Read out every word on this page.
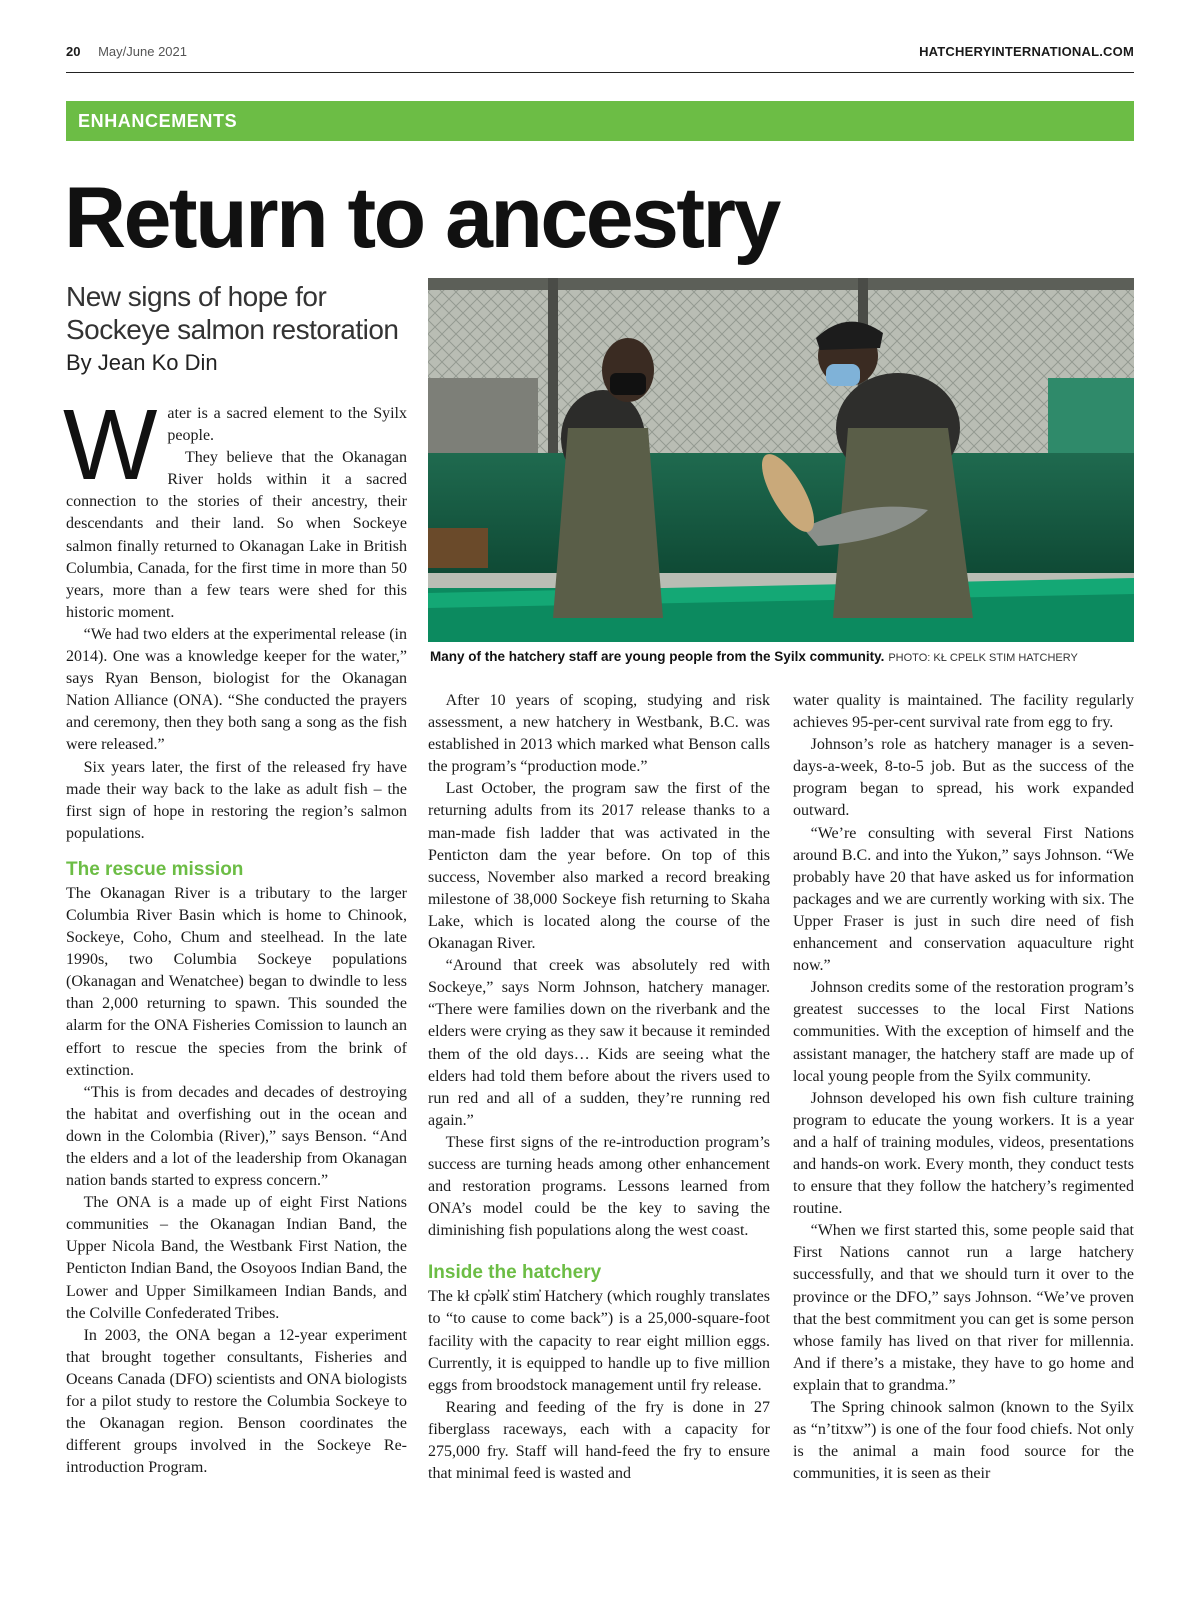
20 May/June 2021	HATCHERYINTERNATIONAL.COM
ENHANCEMENTS
Return to ancestry
New signs of hope for Sockeye salmon restoration
By Jean Ko Din
Many of the hatchery staff are young people from the Syilx community. PHOTO: KŁ CPELK STIM HATCHERY

Water is a sacred element to the Syilx people.

They believe that the Okanagan River holds within it a sacred connection to the stories of their ancestry, their descendants and their land. So when Sockeye salmon finally returned to Okanagan Lake in British Columbia, Canada, for the first time in more than 50 years, more than a few tears were shed for this historic moment.

“We had two elders at the experimental release (in 2014). One was a knowledge keeper for the water,” says Ryan Benson, biologist for the Okanagan Nation Alliance (ONA). “She conducted the prayers and ceremony, then they both sang a song as the fish were released.”

Six years later, the first of the released fry have made their way back to the lake as adult fish – the first sign of hope in restoring the region’s salmon populations.

The rescue mission

The Okanagan River is a tributary to the larger Columbia River Basin which is home to Chinook, Sockeye, Coho, Chum and steelhead. In the late 1990s, two Columbia Sockeye populations (Okanagan and Wenatchee) began to dwindle to less than 2,000 returning to spawn. This sounded the alarm for the ONA Fisheries Comission to launch an effort to rescue the species from the brink of extinction.

“This is from decades and decades of destroying the habitat and overfishing out in the ocean and down in the Colombia (River),” says Benson. “And the elders and a lot of the leadership from Okanagan nation bands started to express concern.”

The ONA is a made up of eight First Nations communities – the Okanagan Indian Band, the Upper Nicola Band, the Westbank First Nation, the Penticton Indian Band, the Osoyoos Indian Band, the Lower and Upper Similkameen Indian Bands, and the Colville Confederated Tribes.

In 2003, the ONA began a 12-year experiment that brought together consultants, Fisheries and Oceans Canada (DFO) scientists and ONA biologists for a pilot study to restore the Columbia Sockeye to the Okanagan region. Benson coordinates the different groups involved in the Sockeye Re-introduction Program.

After 10 years of scoping, studying and risk assessment, a new hatchery in Westbank, B.C. was established in 2013 which marked what Benson calls the program’s “production mode.”

Last October, the program saw the first of the returning adults from its 2017 release thanks to a man-made fish ladder that was activated in the Penticton dam the year before. On top of this success, November also marked a record breaking milestone of 38,000 Sockeye fish returning to Skaha Lake, which is located along the course of the Okanagan River.

“Around that creek was absolutely red with Sockeye,” says Norm Johnson, hatchery manager. “There were families down on the riverbank and the elders were crying as they saw it because it reminded them of the old days… Kids are seeing what the elders had told them before about the rivers used to run red and all of a sudden, they’re running red again.”

These first signs of the re-introduction program’s success are turning heads among other enhancement and restoration programs. Lessons learned from ONA’s model could be the key to saving the diminishing fish populations along the west coast.

Inside the hatchery

The kł cp̓əlk̓ stim̓ Hatchery (which roughly translates to “to cause to come back”) is a 25,000-square-foot facility with the capacity to rear eight million eggs. Currently, it is equipped to handle up to five million eggs from broodstock management until fry release.

Rearing and feeding of the fry is done in 27 fiberglass raceways, each with a capacity for 275,000 fry. Staff will hand-feed the fry to ensure that minimal feed is wasted and

water quality is maintained. The facility regularly achieves 95-per-cent survival rate from egg to fry.

Johnson’s role as hatchery manager is a seven-days-a-week, 8-to-5 job. But as the success of the program began to spread, his work expanded outward.

“We’re consulting with several First Nations around B.C. and into the Yukon,” says Johnson. “We probably have 20 that have asked us for information packages and we are currently working with six. The Upper Fraser is just in such dire need of fish enhancement and conservation aquaculture right now.”

Johnson credits some of the restoration program’s greatest successes to the local First Nations communities. With the exception of himself and the assistant manager, the hatchery staff are made up of local young people from the Syilx community.

Johnson developed his own fish culture training program to educate the young workers. It is a year and a half of training modules, videos, presentations and hands-on work. Every month, they conduct tests to ensure that they follow the hatchery’s regimented routine.

“When we first started this, some people said that First Nations cannot run a large hatchery successfully, and that we should turn it over to the province or the DFO,” says Johnson. “We’ve proven that the best commitment you can get is some person whose family has lived on that river for millennia. And if there’s a mistake, they have to go home and explain that to grandma.”

The Spring chinook salmon (known to the Syilx as “n’titxw”) is one of the four food chiefs. Not only is the animal a main food source for the communities, it is seen as their
